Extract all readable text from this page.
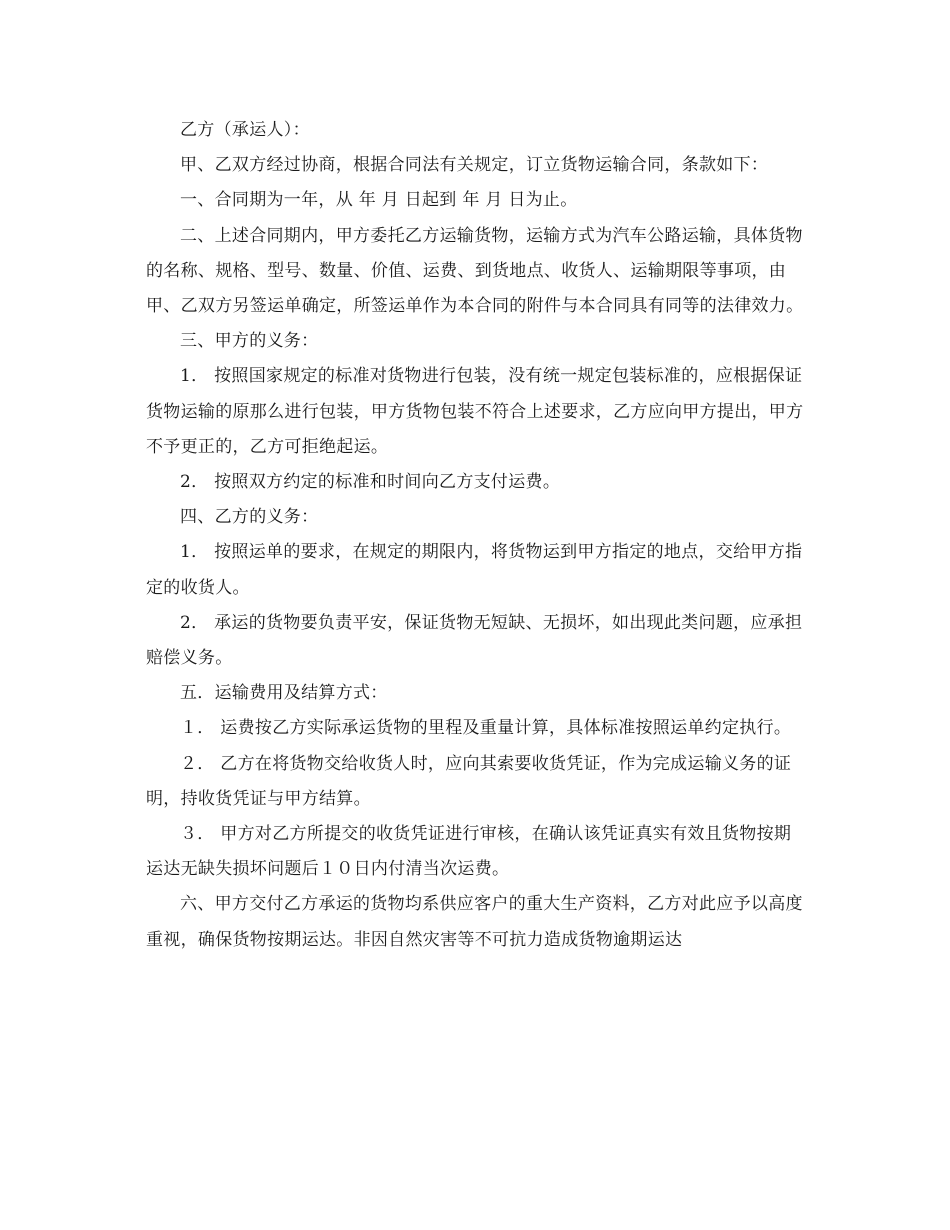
乙方（承运人）：

甲、乙双方经过协商，根据合同法有关规定，订立货物运输合同，条款如下：

一、合同期为一年，从 年 月 日起到 年 月 日为止。

二、上述合同期内，甲方委托乙方运输货物，运输方式为汽车公路运输，具体货物的名称、规格、型号、数量、价值、运费、到货地点、收货人、运输期限等事项，由甲、乙双方另签运单确定，所签运单作为本合同的附件与本合同具有同等的法律效力。

三、甲方的义务：

1． 按照国家规定的标准对货物进行包装，没有统一规定包装标准的，应根据保证货物运输的原那么进行包装，甲方货物包装不符合上述要求，乙方应向甲方提出，甲方不予更正的，乙方可拒绝起运。

2． 按照双方约定的标准和时间向乙方支付运费。

四、乙方的义务：

1． 按照运单的要求，在规定的期限内，将货物运到甲方指定的地点，交给甲方指定的收货人。

2． 承运的货物要负责平安，保证货物无短缺、无损坏，如出现此类问题，应承担赔偿义务。

五．运输费用及结算方式：

１． 运费按乙方实际承运货物的里程及重量计算，具体标准按照运单约定执行。

２． 乙方在将货物交给收货人时，应向其索要收货凭证，作为完成运输义务的证明，持收货凭证与甲方结算。

３． 甲方对乙方所提交的收货凭证进行审核，在确认该凭证真实有效且货物按期运达无缺失损坏问题后１０日内付清当次运费。

六、甲方交付乙方承运的货物均系供应客户的重大生产资料，乙方对此应予以高度重视，确保货物按期运达。非因自然灾害等不可抗力造成货物逾期运达
